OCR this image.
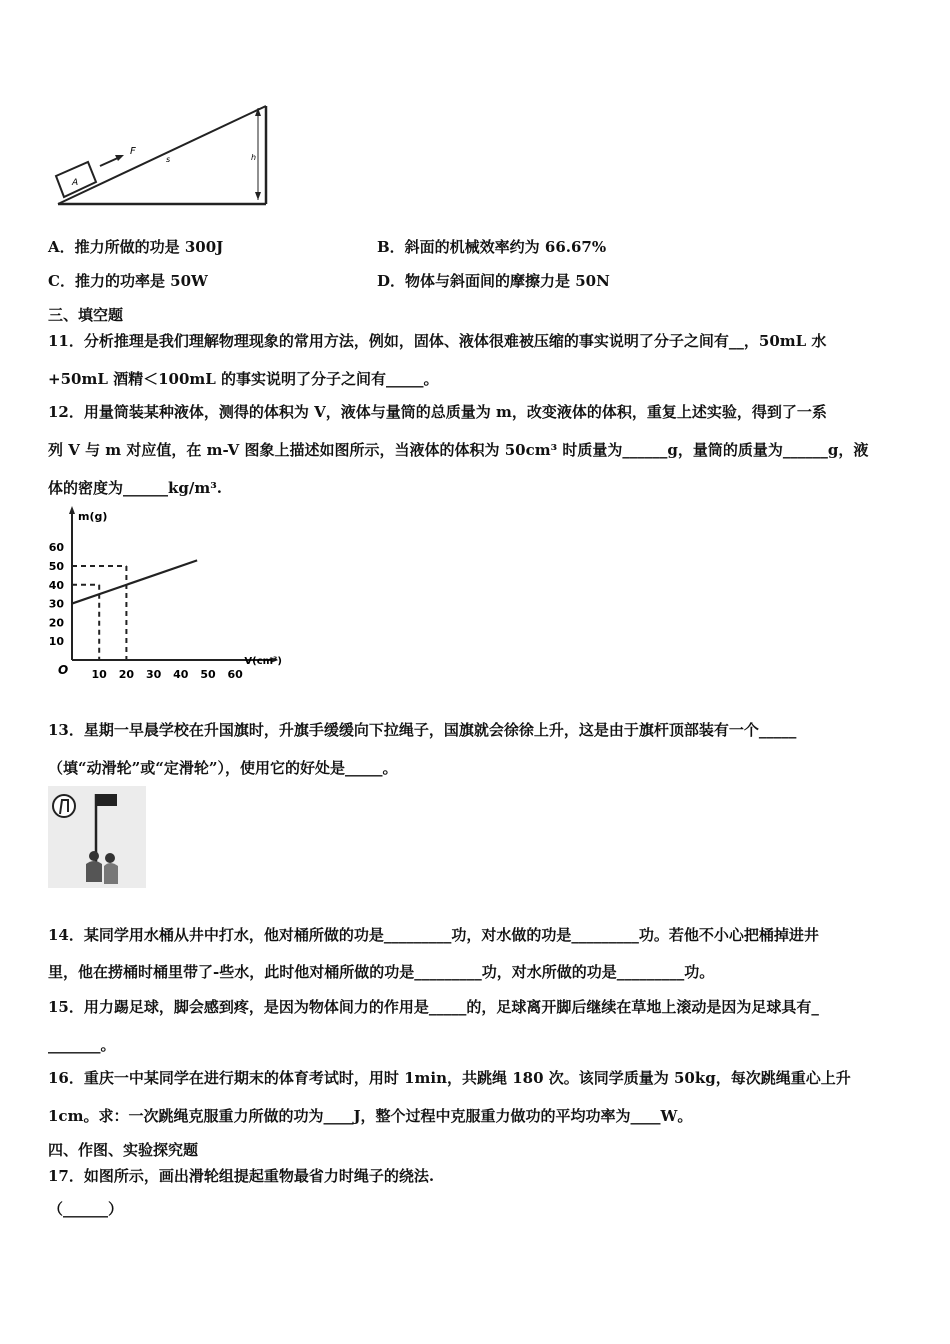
A
F
s	h
A．推力所做的功是 300J	B．斜面的机械效率约为 66.67%
C．推力的功率是 50W	D．物体与斜面间的摩擦力是 50N
三、填空题
11．分析推理是我们理解物理现象的常用方法，例如，固体、液体很难被压缩的事实说明了分子之间有__，50mL 水
+50mL 酒精＜100mL 的事实说明了分子之间有_____。
12．用量筒装某种液体，测得的体积为 V，液体与量筒的总质量为 m，改变液体的体积，重复上述实验，得到了一系
列 V 与 m 对应值，在 m-V 图象上描述如图所示，当液体的体积为 50cm³ 时质量为______g，量筒的质量为______g，液
体的密度为______kg/m³.
10 20 30 40 50 60
10
20
30
40
50
60
O
m(g)
V(cm³)
13．星期一早晨学校在升国旗时，升旗手缓缓向下拉绳子，国旗就会徐徐上升，这是由于旗杆顶部装有一个_____
（填“动滑轮”或“定滑轮”），使用它的好处是_____。
14．某同学用水桶从井中打水，他对桶所做的功是_________功，对水做的功是_________功。若他不小心把桶掉进井
里，他在捞桶时桶里带了-些水，此时他对桶所做的功是_________功，对水所做的功是_________功。
15．用力踢足球，脚会感到疼，是因为物体间力的作用是_____的，足球离开脚后继续在草地上滚动是因为足球具有_
_______。
16．重庆一中某同学在进行期末的体育考试时，用时 1min，共跳绳 180 次。该同学质量为 50kg，每次跳绳重心上升
1cm。求：一次跳绳克服重力所做的功为____J，整个过程中克服重力做功的平均功率为____W。
四、作图、实验探究题
17．如图所示，画出滑轮组提起重物最省力时绳子的绕法.
（______）
